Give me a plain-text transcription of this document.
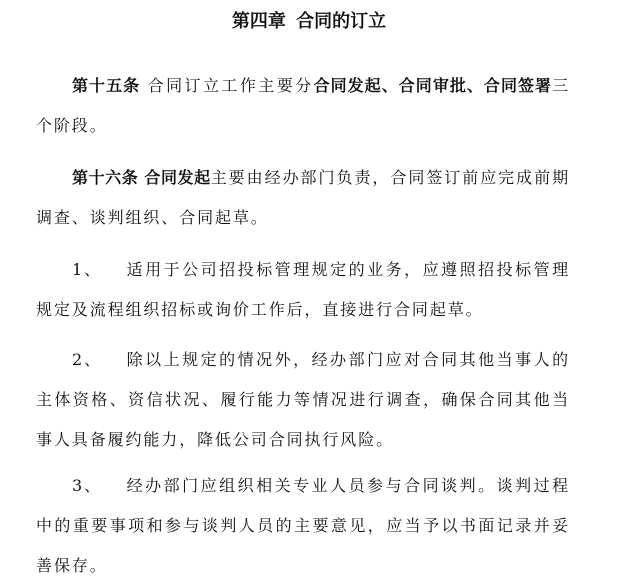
第四章 合同的订立

第十五条 合同订立工作主要分合同发起、合同审批、合同签署三个阶段。

第十六条 合同发起主要由经办部门负责，合同签订前应完成前期调查、谈判组织、合同起草。

1、 适用于公司招投标管理规定的业务，应遵照招投标管理规定及流程组织招标或询价工作后，直接进行合同起草。

2、 除以上规定的情况外，经办部门应对合同其他当事人的主体资格、资信状况、履行能力等情况进行调查，确保合同其他当事人具备履约能力，降低公司合同执行风险。

3、 经办部门应组织相关专业人员参与合同谈判。谈判过程中的重要事项和参与谈判人员的主要意见，应当予以书面记录并妥善保存。
